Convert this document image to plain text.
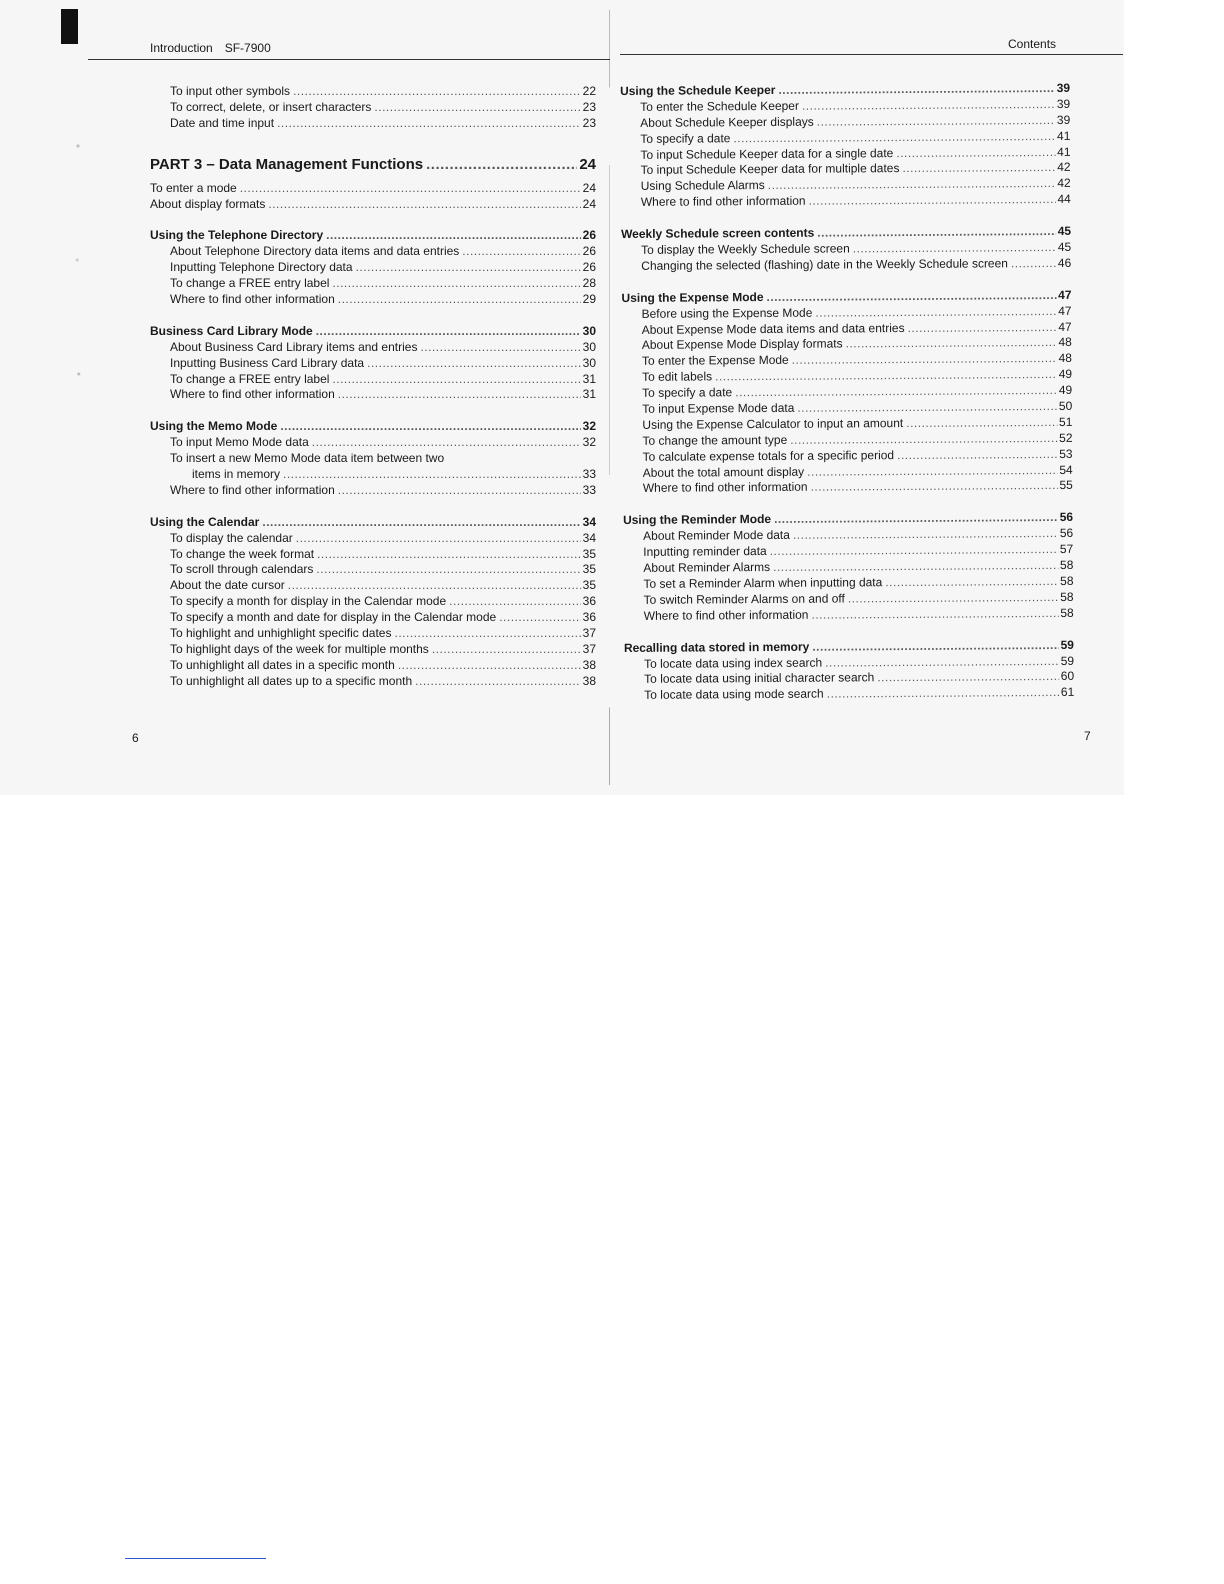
Introduction SF-7900	Contents
To input other symbols .....	22
To correct, delete, or insert characters .....	23
Date and time input .....	23
PART 3 – Data Management Functions .....	24
To enter a mode .....	24
About display formats .....	24
Using the Telephone Directory .....	26
About Telephone Directory data items and data entries .....	26
Inputting Telephone Directory data .....	26
To change a FREE entry label .....	28
Where to find other information .....	29
Business Card Library Mode .....	30
About Business Card Library items and entries .....	30
Inputting Business Card Library data .....	30
To change a FREE entry label .....	31
Where to find other information .....	31
Using the Memo Mode .....	32
To input Memo Mode data .....	32
To insert a new Memo Mode data item between two
items in memory .....	33
Where to find other information .....	33
Using the Calendar .....	34
To display the calendar .....	34
To change the week format .....	35
To scroll through calendars .....	35
About the date cursor .....	35
To specify a month for display in the Calendar mode .....	36
To specify a month and date for display in the Calendar mode .....	36
To highlight and unhighlight specific dates .....	37
To highlight days of the week for multiple months .....	37
To unhighlight all dates in a specific month .....	38
To unhighlight all dates up to a specific month .....	38
Using the Schedule Keeper .....	39
To enter the Schedule Keeper .....	39
About Schedule Keeper displays .....	39
To specify a date .....	41
To input Schedule Keeper data for a single date .....	41
To input Schedule Keeper data for multiple dates .....	42
Using Schedule Alarms .....	42
Where to find other information .....	44
Weekly Schedule screen contents .....	45
To display the Weekly Schedule screen .....	45
Changing the selected (flashing) date in the Weekly Schedule screen .....	46
Using the Expense Mode .....	47
Before using the Expense Mode .....	47
About Expense Mode data items and data entries .....	47
About Expense Mode Display formats .....	48
To enter the Expense Mode .....	48
To edit labels .....	49
To specify a date .....	49
To input Expense Mode data .....	50
Using the Expense Calculator to input an amount .....	51
To change the amount type .....	52
To calculate expense totals for a specific period .....	53
About the total amount display .....	54
Where to find other information .....	55
Using the Reminder Mode .....	56
About Reminder Mode data .....	56
Inputting reminder data .....	57
About Reminder Alarms .....	58
To set a Reminder Alarm when inputting data .....	58
To switch Reminder Alarms on and off .....	58
Where to find other information .....	58
Recalling data stored in memory .....	59
To locate data using index search .....	59
To locate data using initial character search .....	60
To locate data using mode search .....	61
6	7
